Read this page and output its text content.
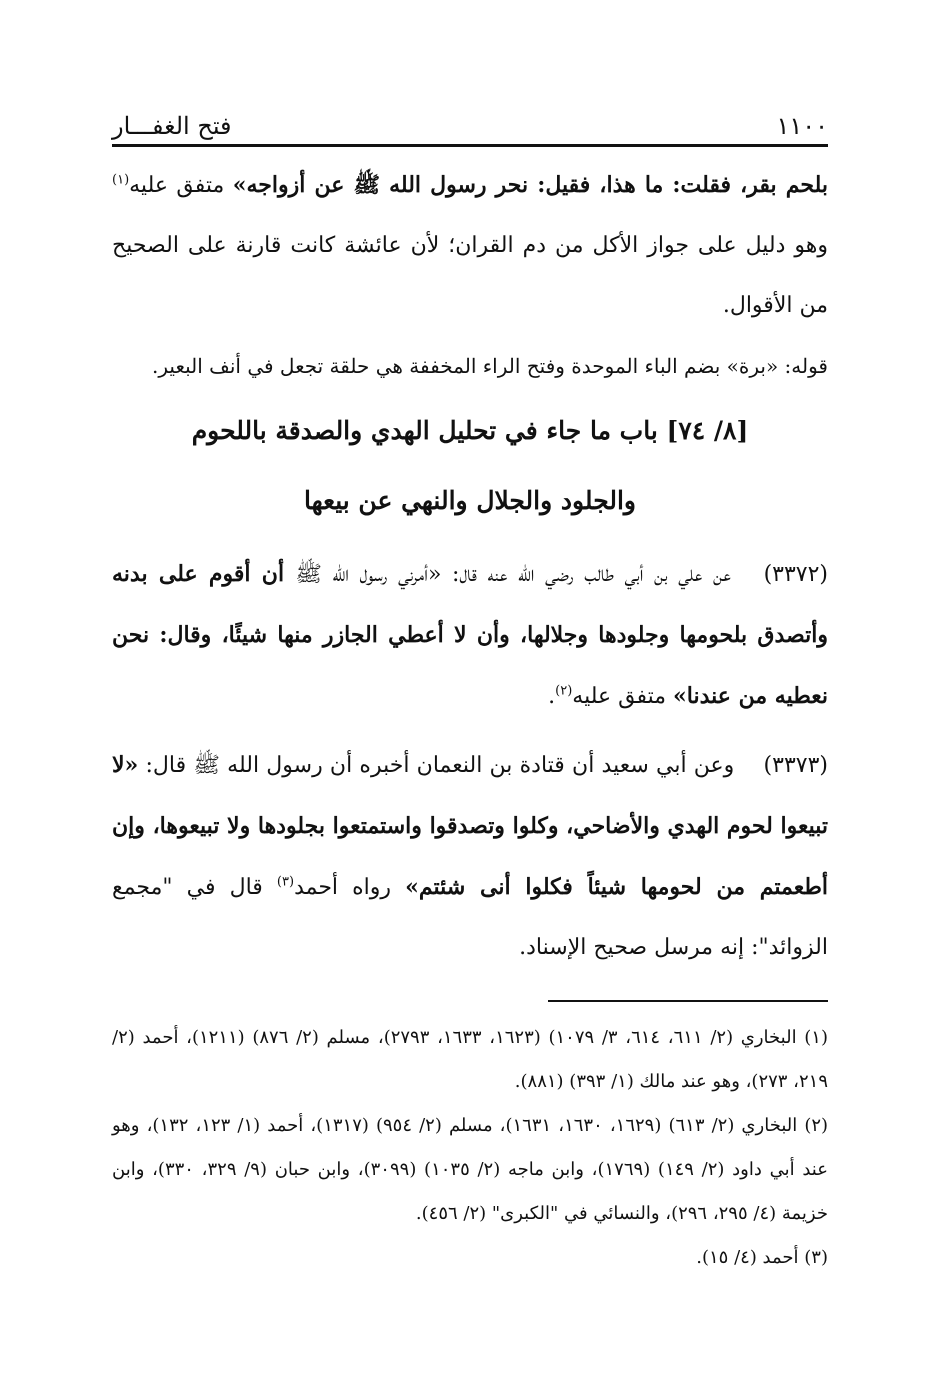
١١٠٠
فتح الغفـــار

بلحم بقر، فقلت: ما هذا، فقيل: نحر رسول الله ﷺ عن أزواجه» متفق عليه$^{(١)}$ وهو دليل على جواز الأكل من دم القران؛ لأن عائشة كانت قارنة على الصحيح من الأقوال.

قوله: «برة» بضم الباء الموحدة وفتح الراء المخففة هي حلقة تجعل في أنف البعير.

[٨/ ٧٤] باب ما جاء في تحليل الهدي والصدقة باللحوم
والجلود والجلال والنهي عن بيعها

(٣٣٧٢) عن علي بن أبي طالب رضي الله عنه قال: «أمرني رسول الله ﷺ أن أقوم على بدنه وأتصدق بلحومها وجلودها وجلالها، وأن لا أعطي الجازر منها شيئًا، وقال: نحن نعطيه من عندنا» متفق عليه$^{(٢)}$.

(٣٣٧٣) وعن أبي سعيد أن قتادة بن النعمان أخبره أن رسول الله ﷺ قال: «لا تبيعوا لحوم الهدي والأضاحي، وكلوا وتصدقوا واستمتعوا بجلودها ولا تبيعوها، وإن أطعمتم من لحومها شيئاً فكلوا أنى شئتم» رواه أحمد$^{(٣)}$ قال في "مجمع الزوائد": إنه مرسل صحيح الإسناد.

(١) البخاري (٢/ ٦١١، ٦١٤، ٣/ ١٠٧٩) (١٦٢٣، ١٦٣٣، ٢٧٩٣)، مسلم (٢/ ٨٧٦) (١٢١١)، أحمد (٢/ ٢١٩، ٢٧٣)، وهو عند مالك (١/ ٣٩٣) (٨٨١).

(٢) البخاري (٢/ ٦١٣) (١٦٢٩، ١٦٣٠، ١٦٣١)، مسلم (٢/ ٩٥٤) (١٣١٧)، أحمد (١/ ١٢٣، ١٣٢)، وهو عند أبي داود (٢/ ١٤٩) (١٧٦٩)، وابن ماجه (٢/ ١٠٣٥) (٣٠٩٩)، وابن حبان (٩/ ٣٢٩، ٣٣٠)، وابن خزيمة (٤/ ٢٩٥، ٢٩٦)، والنسائي في "الكبرى" (٢/ ٤٥٦).

(٣) أحمد (٤/ ١٥).
